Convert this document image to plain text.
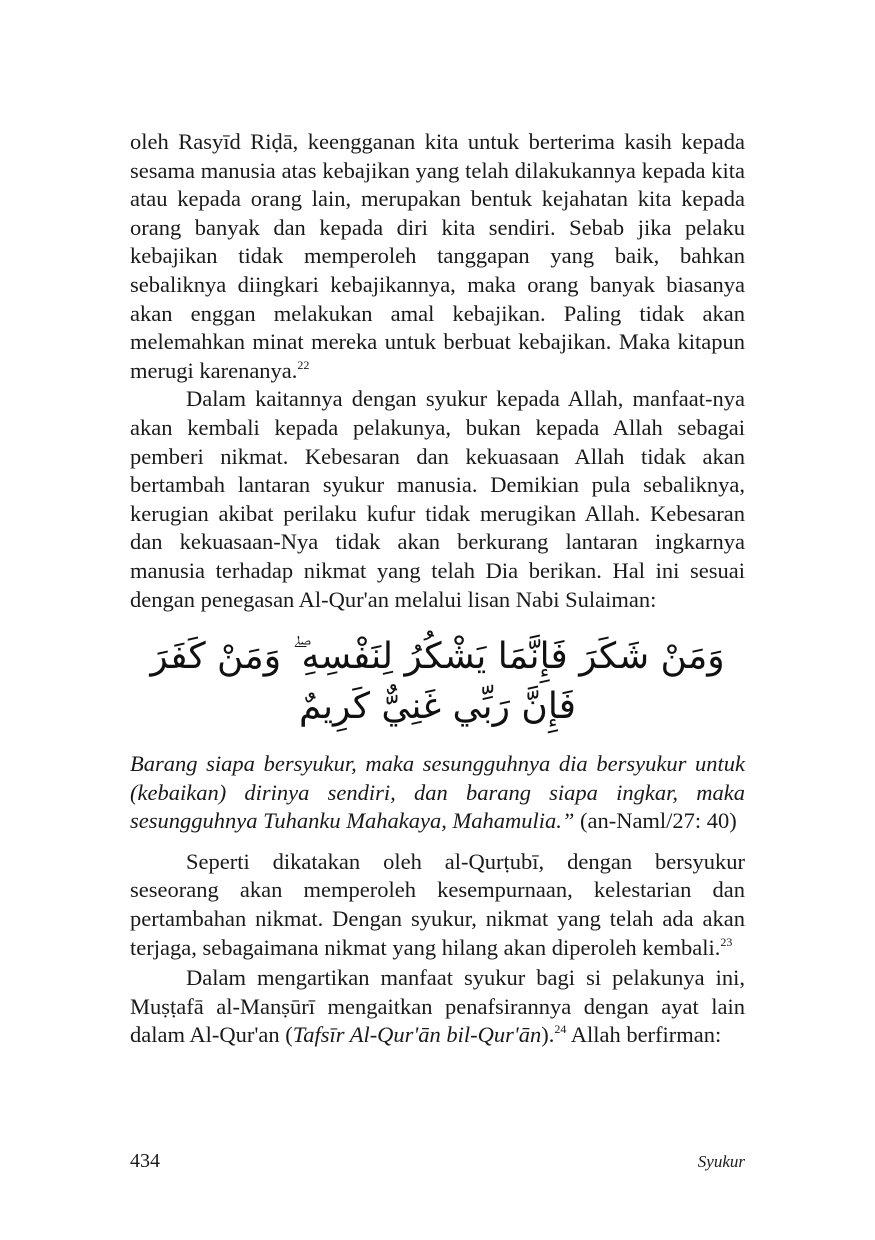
oleh Rasyīd Riḍā, keengganan kita untuk berterima kasih kepada sesama manusia atas kebajikan yang telah dilakukannya kepada kita atau kepada orang lain, merupakan bentuk kejahatan kita kepada orang banyak dan kepada diri kita sendiri. Sebab jika pelaku kebajikan tidak memperoleh tanggapan yang baik, bahkan sebaliknya diingkari kebajikannya, maka orang banyak biasanya akan enggan melakukan amal kebajikan. Paling tidak akan melemahkan minat mereka untuk berbuat kebajikan. Maka kitapun merugi karenanya.$^{22}$

Dalam kaitannya dengan syukur kepada Allah, manfaat-nya akan kembali kepada pelakunya, bukan kepada Allah sebagai pemberi nikmat. Kebesaran dan kekuasaan Allah tidak akan bertambah lantaran syukur manusia. Demikian pula sebaliknya, kerugian akibat perilaku kufur tidak merugikan Allah. Kebesaran dan kekuasaan-Nya tidak akan berkurang lantaran ingkarnya manusia terhadap nikmat yang telah Dia berikan. Hal ini sesuai dengan penegasan Al-Qur'an melalui lisan Nabi Sulaiman:

وَمَنْ شَكَرَ فَإِنَّمَا يَشْكُرُ لِنَفْسِهِ ۖ وَمَنْ كَفَرَ فَإِنَّ رَبِّي غَنِيٌّ كَرِيمٌ

Barang siapa bersyukur, maka sesungguhnya dia bersyukur untuk (kebaikan) dirinya sendiri, dan barang siapa ingkar, maka sesungguhnya Tuhanku Mahakaya, Mahamulia.” (an-Naml/27: 40)

Seperti dikatakan oleh al-Qurṭubī, dengan bersyukur seseorang akan memperoleh kesempurnaan, kelestarian dan pertambahan nikmat. Dengan syukur, nikmat yang telah ada akan terjaga, sebagaimana nikmat yang hilang akan diperoleh kembali.$^{23}$

Dalam mengartikan manfaat syukur bagi si pelakunya ini, Muṣṭafā al-Manṣūrī mengaitkan penafsirannya dengan ayat lain dalam Al-Qur'an (Tafsīr Al-Qur'ān bil-Qur'ān).$^{24}$ Allah berfirman:

434	Syukur
